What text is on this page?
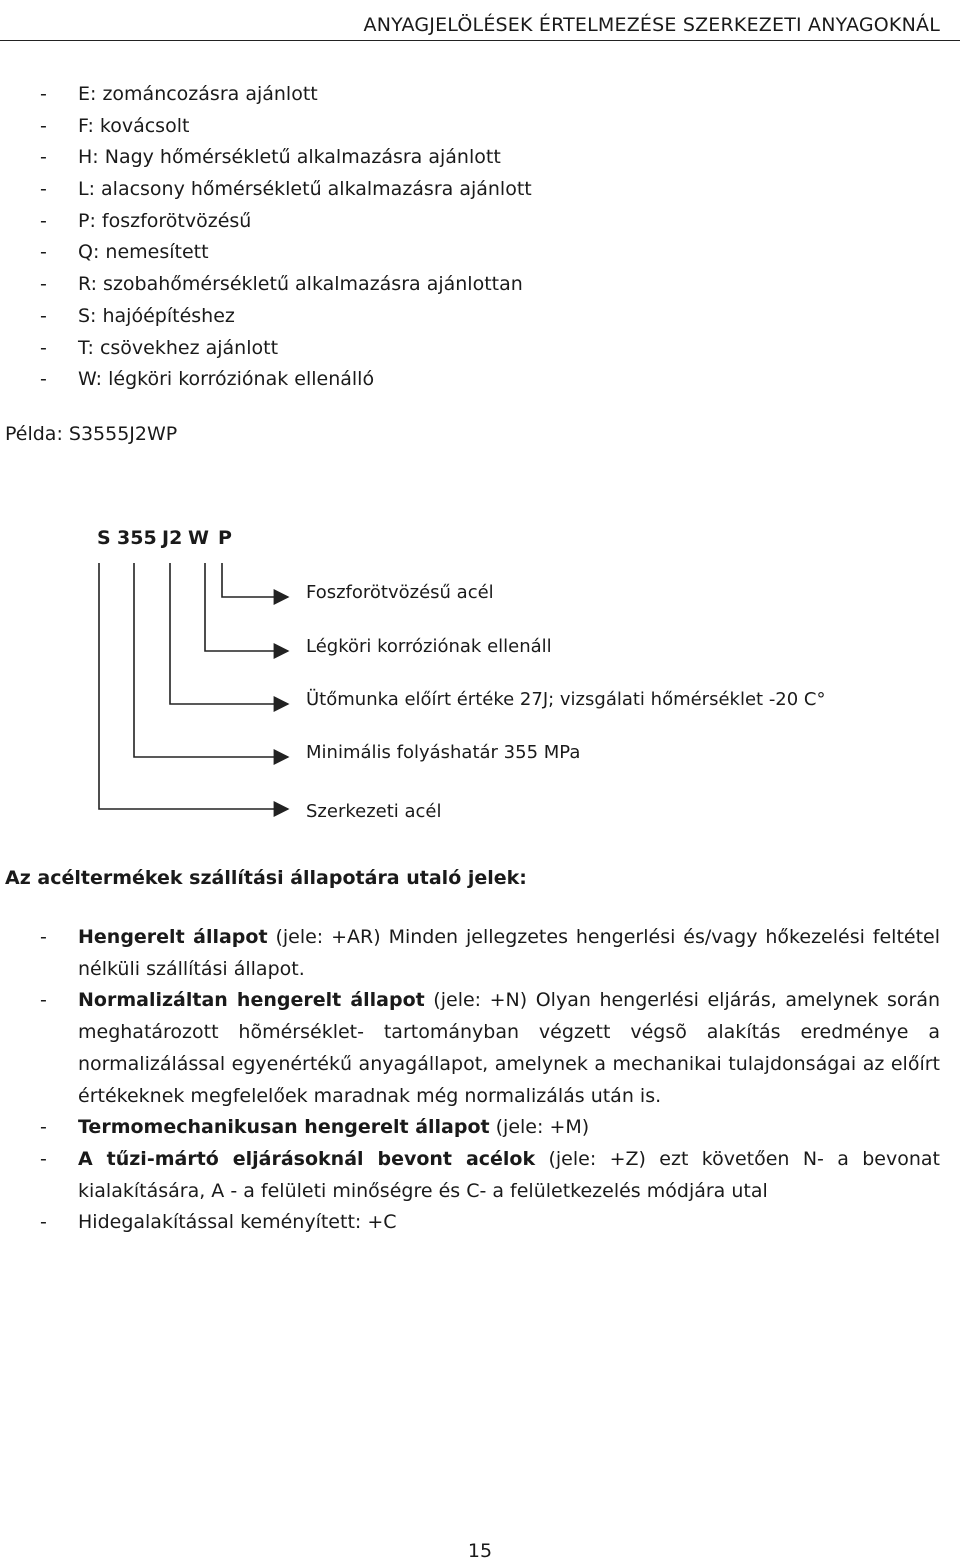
ANYAGJELÖLÉSEK ÉRTELMEZÉSE SZERKEZETI ANYAGOKNÁL
- E: zománcozásra ajánlott
- F: kovácsolt
- H: Nagy hőmérsékletű alkalmazásra ajánlott
- L: alacsony hőmérsékletű alkalmazásra ajánlott
- P: foszforötvözésű
- Q: nemesített
- R: szobahőmérsékletű alkalmazásra ajánlottan
- S: hajóépítéshez
- T: csövekhez ajánlott
- W: légköri korróziónak ellenálló
Példa: S3555J2WP
S 355 J2 W P
Foszforötvözésű acél
Légköri korróziónak ellenáll
Ütőmunka előírt értéke 27J; vizsgálati hőmérséklet -20 C°
Minimális folyáshatár 355 MPa
Szerkezeti acél
Az acéltermékek szállítási állapotára utaló jelek:
-	Hengerelt állapot (jele: +AR) Minden jellegzetes hengerlési és/vagy hőkezelési feltétel nélküli szállítási állapot.
-	Normalizáltan hengerelt állapot (jele: +N) Olyan hengerlési eljárás, amelynek során meghatározott hõmérséklet- tartományban végzett végsõ alakítás eredménye a normalizálással egyenértékű anyagállapot, amelynek a mechanikai tulajdonságai az előírt értékeknek megfelelőek maradnak még normalizálás után is.
-	Termomechanikusan hengerelt állapot (jele: +M)
-	A tűzi-mártó eljárásoknál bevont acélok (jele: +Z) ezt követően N- a bevonat kialakítására, A - a felületi minőségre és C- a felületkezelés módjára utal
-	Hidegalakítással keményített: +C
15
